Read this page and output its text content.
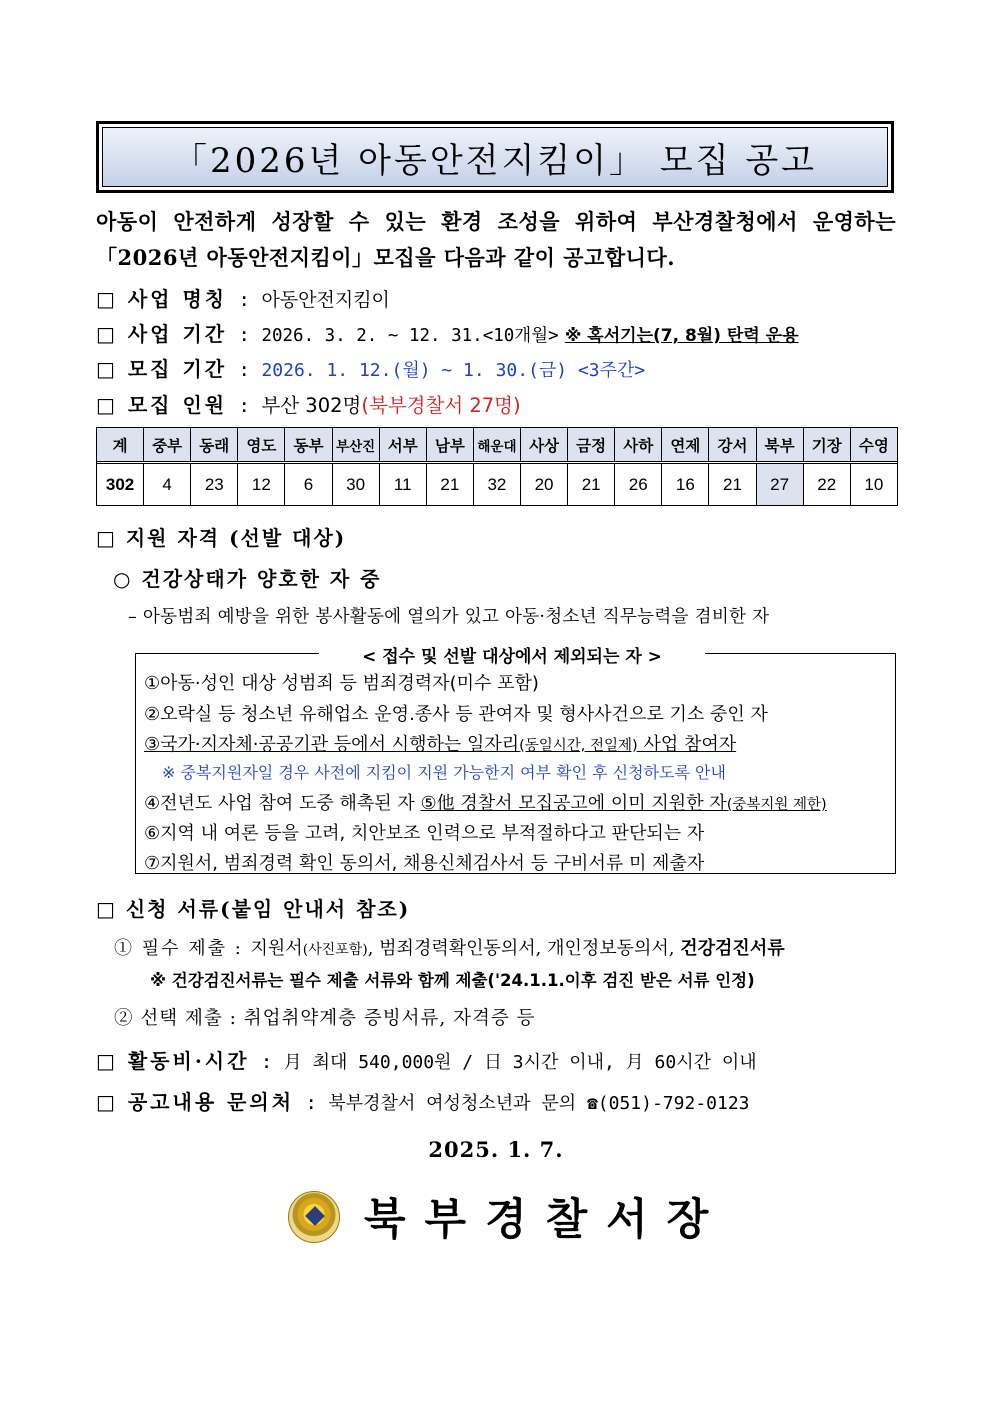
「2026년 아동안전지킴이」 모집 공고
아동이 안전하게 성장할 수 있는 환경 조성을 위하여 부산경찰청에서 운영하는「2026년 아동안전지킴이」모집을 다음과 같이 공고합니다.
□ 사업 명칭 : 아동안전지킴이
□ 사업 기간 : 2026. 3. 2. ~ 12. 31.<10개월> ※ 혹서기는(7, 8월) 탄력 운용
□ 모집 기간 : 2026. 1. 12.(월) ~ 1. 30.(금) <3주간>
□ 모집 인원 : 부산 302명(북부경찰서 27명)
계	중부	동래	영도	동부	부산진	서부	남부	해운대	사상	금정	사하	연제	강서	북부	기장	수영

302	4	23	12	6	30	11	21	32	20	21	26	16	21	27	22	10
□ 지원 자격 (선발 대상)
○ 건강상태가 양호한 자 중
– 아동범죄 예방을 위한 봉사활동에 열의가 있고 아동·청소년 직무능력을 겸비한 자
< 접수 및 선발 대상에서 제외되는 자 >
①아동·성인 대상 성범죄 등 범죄경력자(미수 포함)
②오락실 등 청소년 유해업소 운영.종사 등 관여자 및 형사사건으로 기소 중인 자
③국가·지자체·공공기관 등에서 시행하는 일자리(동일시간, 전일제) 사업 참여자
※ 중복지원자일 경우 사전에 지킴이 지원 가능한지 여부 확인 후 신청하도록 안내
④전년도 사업 참여 도중 해촉된 자 ⑤他 경찰서 모집공고에 이미 지원한 자(중복지원 제한)
⑥지역 내 여론 등을 고려, 치안보조 인력으로 부적절하다고 판단되는 자
⑦지원서, 범죄경력 확인 동의서, 채용신체검사서 등 구비서류 미 제출자
□ 신청 서류(붙임 안내서 참조)
① 필수 제출 : 지원서(사진포함), 범죄경력확인동의서, 개인정보동의서, 건강검진서류
※ 건강검진서류는 필수 제출 서류와 함께 제출('24.1.1.이후 검진 받은 서류 인정)
② 선택 제출 : 취업취약계층 증빙서류, 자격증 등
□ 활동비·시간 : 月 최대 540,000원 / 日 3시간 이내, 月 60시간 이내
□ 공고내용 문의처 : 북부경찰서 여성청소년과 문의 ☎(051)-792-0123
2025. 1. 7.
북부경찰서장
